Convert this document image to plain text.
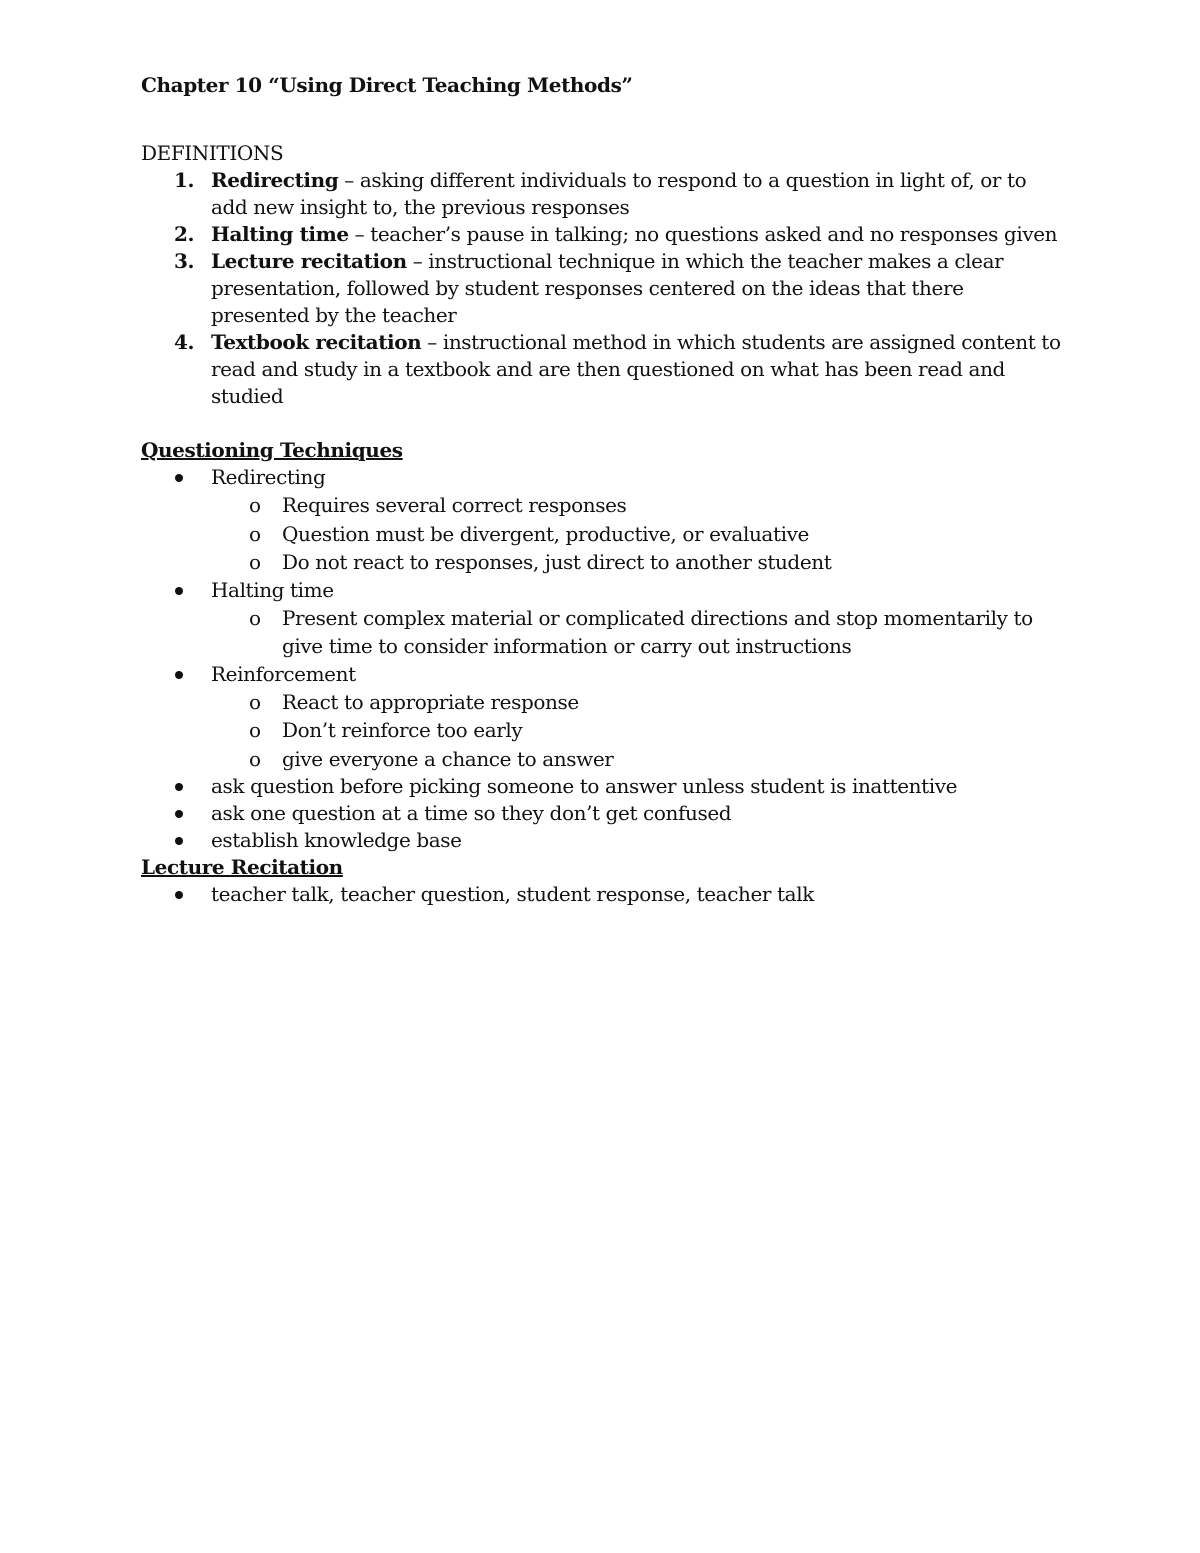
Chapter 10 “Using Direct Teaching Methods”
DEFINITIONS
1. Redirecting – asking different individuals to respond to a question in light of, or to add new insight to, the previous responses
2. Halting time – teacher’s pause in talking; no questions asked and no responses given
3. Lecture recitation – instructional technique in which the teacher makes a clear presentation, followed by student responses centered on the ideas that there presented by the teacher
4. Textbook recitation – instructional method in which students are assigned content to read and study in a textbook and are then questioned on what has been read and studied
Questioning Techniques
Redirecting
o Requires several correct responses
o Question must be divergent, productive, or evaluative
o Do not react to responses, just direct to another student
Halting time
o Present complex material or complicated directions and stop momentarily to give time to consider information or carry out instructions
Reinforcement
o React to appropriate response
o Don’t reinforce too early
o give everyone a chance to answer
ask question before picking someone to answer unless student is inattentive
ask one question at a time so they don’t get confused
establish knowledge base
Lecture Recitation
teacher talk, teacher question, student response, teacher talk
